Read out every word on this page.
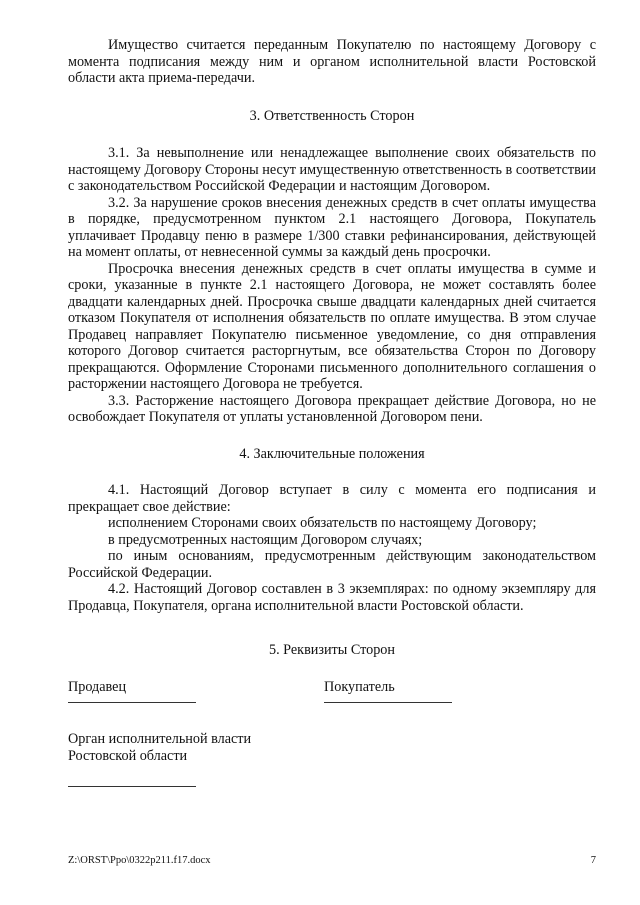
Имущество считается переданным Покупателю по настоящему Договору с момента подписания между ним и органом исполнительной власти Ростовской области акта приема-передачи.

3. Ответственность Сторон

3.1. За невыполнение или ненадлежащее выполнение своих обязательств по настоящему Договору Стороны несут имущественную ответственность в соответствии с законодательством Российской Федерации и настоящим Договором.

3.2. За нарушение сроков внесения денежных средств в счет оплаты имущества в порядке, предусмотренном пунктом 2.1 настоящего Договора, Покупатель уплачивает Продавцу пеню в размере 1/300 ставки рефинансирования, действующей на момент оплаты, от невнесенной суммы за каждый день просрочки.

Просрочка внесения денежных средств в счет оплаты имущества в сумме и сроки, указанные в пункте 2.1 настоящего Договора, не может составлять более двадцати календарных дней. Просрочка свыше двадцати календарных дней считается отказом Покупателя от исполнения обязательств по оплате имущества. В этом случае Продавец направляет Покупателю письменное уведомление, со дня отправления которого Договор считается расторгнутым, все обязательства Сторон по Договору прекращаются. Оформление Сторонами письменного дополнительного соглашения о расторжении настоящего Договора не требуется.

3.3. Расторжение настоящего Договора прекращает действие Договора, но не освобождает Покупателя от уплаты установленной Договором пени.

4. Заключительные положения

4.1. Настоящий Договор вступает в силу с момента его подписания и прекращает свое действие:

исполнением Сторонами своих обязательств по настоящему Договору;

в предусмотренных настоящим Договором случаях;

по иным основаниям, предусмотренным действующим законодательством Российской Федерации.

4.2. Настоящий Договор составлен в 3 экземплярах: по одному экземпляру для Продавца, Покупателя, органа исполнительной власти Ростовской области.

5. Реквизиты Сторон

Продавец	Покупатель

Орган исполнительной власти

Ростовской области

Z:\ORST\Ppo\0322p211.f17.docx	7
